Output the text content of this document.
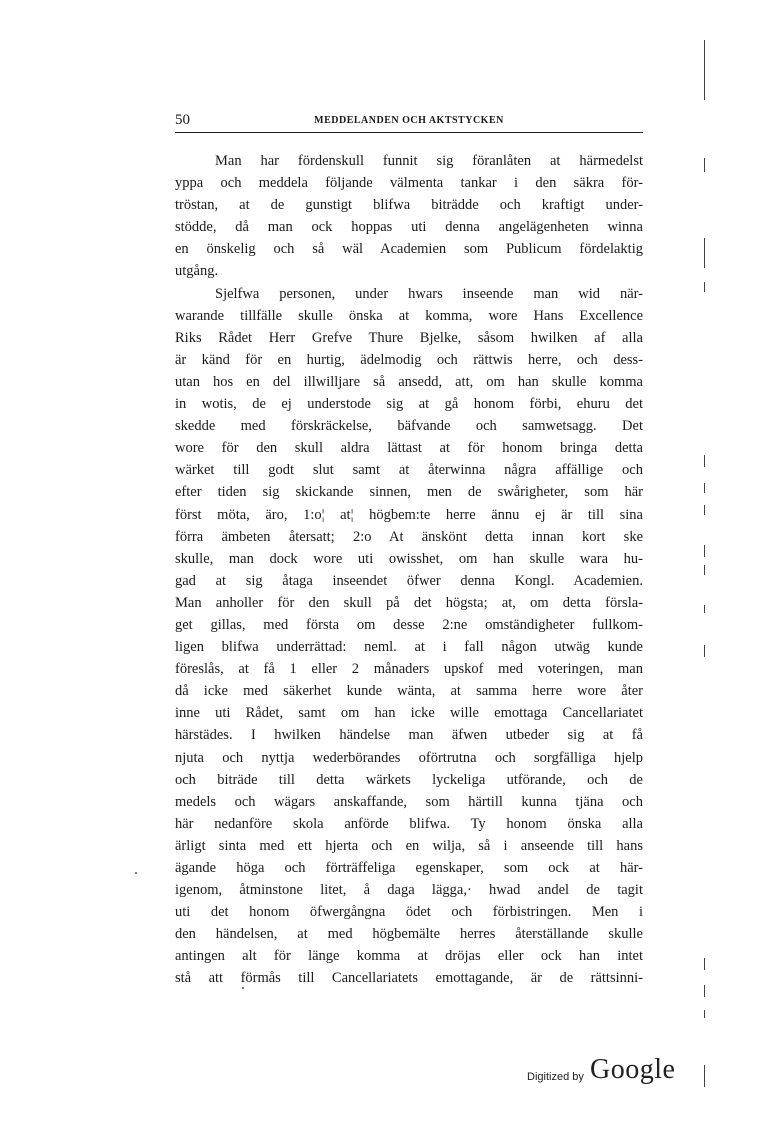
50	MEDDELANDEN OCH AKTSTYCKEN
Man har fördenskull funnit sig föranlåten at härmedelst
yppa och meddela följande välmenta tankar i den säkra för-
tröstan, at de gunstigt blifwa biträdde och kraftigt under-
stödde, då man ock hoppas uti denna angelägenheten winna
en önskelig och så wäl Academien som Publicum fördelaktig
utgång.
Sjelfwa personen, under hwars inseende man wid när-
warande tillfälle skulle önska at komma, wore Hans Excellence
Riks Rådet Herr Grefve Thure Bjelke, såsom hwilken af alla
är känd för en hurtig, ädelmodig och rättwis herre, och dess-
utan hos en del illwilljare så ansedd, att, om han skulle komma
in wotis, de ej understode sig at gå honom förbi, ehuru det
skedde med förskräckelse, bäfvande och samwetsagg. Det
wore för den skull aldra lättast at för honom bringa detta
wärket till godt slut samt at återwinna några affällige och
efter tiden sig skickande sinnen, men de swårigheter, som här
först möta, äro, 1:o¦ at¦ högbem:te herre ännu ej är till sina
förra ämbeten återsatt; 2:o At änskönt detta innan kort ske
skulle, man dock wore uti owisshet, om han skulle wara hu-
gad at sig åtaga inseendet öfwer denna Kongl. Academien.
Man anholler för den skull på det högsta; at, om detta försla-
get gillas, med första om desse 2:ne omständigheter fullkom-
ligen blifwa underrättad: neml. at i fall någon utwäg kunde
föreslås, at få 1 eller 2 månaders upskof med voteringen, man
då icke med säkerhet kunde wänta, at samma herre wore åter
inne uti Rådet, samt om han icke wille emottaga Cancellariatet
härstädes. I hwilken händelse man äfwen utbeder sig at få
njuta och nyttja wederbörandes oförtrutna och sorgfälliga hjelp
och biträde till detta wärkets lyckeliga utförande, och de
medels och wägars anskaffande, som härtill kunna tjäna och
här nedanföre skola anförde blifwa. Ty honom önska alla
ärligt sinta med ett hjerta och en wilja, så i anseende till hans
ägande höga och förträffeliga egenskaper, som ock at här-
igenom, åtminstone litet, å daga lägga,· hwad andel de tagit
uti det honom öfwergångna ödet och förbistringen. Men i
den händelsen, at med högbemälte herres återställande skulle
antingen alt för länge komma at dröjas eller ock han intet
stå att förmås till Cancellariatets emottagande, är de rättsinni-
Digitized by Google
